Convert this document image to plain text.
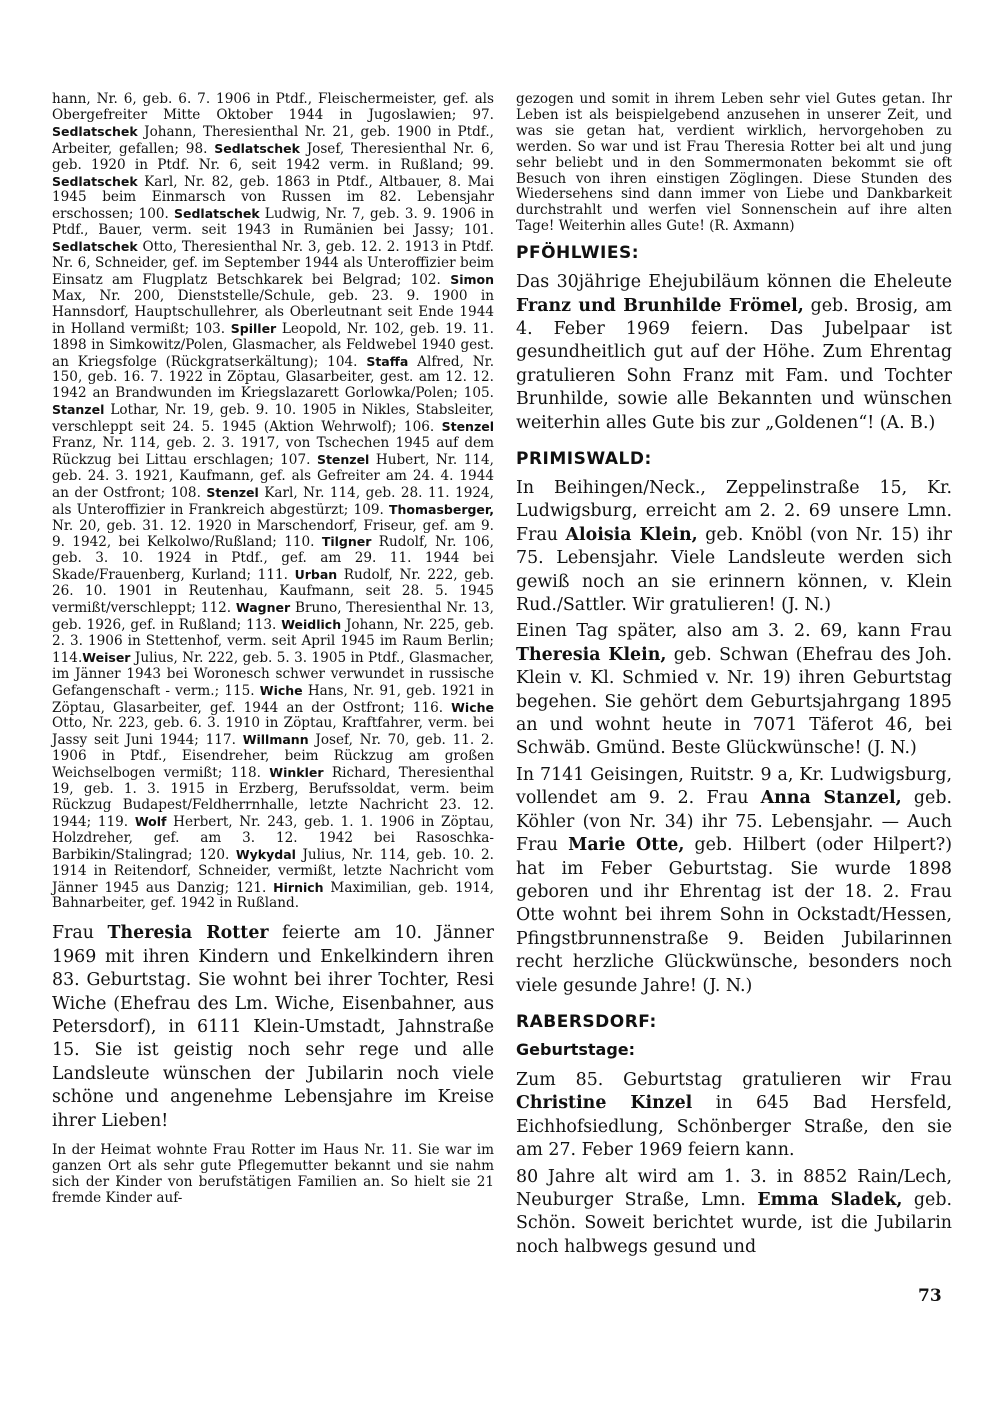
hann, Nr. 6, geb. 6. 7. 1906 in Ptdf., Fleischermeister, gef. als Obergefreiter Mitte Oktober 1944 in Jugoslawien; 97. Sedlatschek Johann, Theresienthal Nr. 21, geb. 1900 in Ptdf., Arbeiter, gefallen; 98. Sedlatschek Josef, Theresienthal Nr. 6, geb. 1920 in Ptdf. Nr. 6, seit 1942 verm. in Rußland; 99. Sedlatschek Karl, Nr. 82, geb. 1863 in Ptdf., Altbauer, 8. Mai 1945 beim Einmarsch von Russen im 82. Lebensjahr erschossen; 100. Sedlatschek Ludwig, Nr. 7, geb. 3. 9. 1906 in Ptdf., Bauer, verm. seit 1943 in Rumänien bei Jassy; 101. Sedlatschek Otto, Theresienthal Nr. 3, geb. 12. 2. 1913 in Ptdf. Nr. 6, Schneider, gef. im September 1944 als Unteroffizier beim Einsatz am Flugplatz Betschkarek bei Belgrad; 102. Simon Max, Nr. 200, Dienststelle/Schule, geb. 23. 9. 1900 in Hannsdorf, Hauptschullehrer, als Oberleutnant seit Ende 1944 in Holland vermißt; 103. Spiller Leopold, Nr. 102, geb. 19. 11. 1898 in Simkowitz/Polen, Glasmacher, als Feldwebel 1940 gest. an Kriegsfolge (Rückgratserkältung); 104. Staffa Alfred, Nr. 150, geb. 16. 7. 1922 in Zöptau, Glasarbeiter, gest. am 12. 12. 1942 an Brandwunden im Kriegslazarett Gorlowka/Polen; 105. Stanzel Lothar, Nr. 19, geb. 9. 10. 1905 in Nikles, Stabsleiter, verschleppt seit 24. 5. 1945 (Aktion Wehrwolf); 106. Stenzel Franz, Nr. 114, geb. 2. 3. 1917, von Tschechen 1945 auf dem Rückzug bei Littau erschlagen; 107. Stenzel Hubert, Nr. 114, geb. 24. 3. 1921, Kaufmann, gef. als Gefreiter am 24. 4. 1944 an der Ostfront; 108. Stenzel Karl, Nr. 114, geb. 28. 11. 1924, als Unteroffizier in Frankreich abgestürzt; 109. Thomasberger, Nr. 20, geb. 31. 12. 1920 in Marschendorf, Friseur, gef. am 9. 9. 1942, bei Kelkolwo/Rußland; 110. Tilgner Rudolf, Nr. 106, geb. 3. 10. 1924 in Ptdf., gef. am 29. 11. 1944 bei Skade/Frauenberg, Kurland; 111. Urban Rudolf, Nr. 222, geb. 26. 10. 1901 in Reutenhau, Kaufmann, seit 28. 5. 1945 vermißt/verschleppt; 112. Wagner Bruno, Theresienthal Nr. 13, geb. 1926, gef. in Rußland; 113. Weidlich Johann, Nr. 225, geb. 2. 3. 1906 in Stettenhof, verm. seit April 1945 im Raum Berlin; 114.Weiser Julius, Nr. 222, geb. 5. 3. 1905 in Ptdf., Glasmacher, im Jänner 1943 bei Woronesch schwer verwundet in russische Gefangenschaft - verm.; 115. Wiche Hans, Nr. 91, geb. 1921 in Zöptau, Glasarbeiter, gef. 1944 an der Ostfront; 116. Wiche Otto, Nr. 223, geb. 6. 3. 1910 in Zöptau, Kraftfahrer, verm. bei Jassy seit Juni 1944; 117. Willmann Josef, Nr. 70, geb. 11. 2. 1906 in Ptdf., Eisendreher, beim Rückzug am großen Weichselbogen vermißt; 118. Winkler Richard, Theresienthal 19, geb. 1. 3. 1915 in Erzberg, Berufssoldat, verm. beim Rückzug Budapest/Feldherrnhalle, letzte Nachricht 23. 12. 1944; 119. Wolf Herbert, Nr. 243, geb. 1. 1. 1906 in Zöptau, Holzdreher, gef. am 3. 12. 1942 bei Rasoschka-Barbikin/Stalingrad; 120. Wykydal Julius, Nr. 114, geb. 10. 2. 1914 in Reitendorf, Schneider, vermißt, letzte Nachricht vom Jänner 1945 aus Danzig; 121. Hirnich Maximilian, geb. 1914, Bahnarbeiter, gef. 1942 in Rußland.

Frau Theresia Rotter feierte am 10. Jänner 1969 mit ihren Kindern und Enkelkindern ihren 83. Geburtstag. Sie wohnt bei ihrer Tochter, Resi Wiche (Ehefrau des Lm. Wiche, Eisenbahner, aus Petersdorf), in 6111 Klein-Umstadt, Jahnstraße 15. Sie ist geistig noch sehr rege und alle Landsleute wünschen der Jubilarin noch viele schöne und angenehme Lebensjahre im Kreise ihrer Lieben!

In der Heimat wohnte Frau Rotter im Haus Nr. 11. Sie war im ganzen Ort als sehr gute Pflegemutter bekannt und sie nahm sich der Kinder von berufstätigen Familien an. So hielt sie 21 fremde Kinder auf-

gezogen und somit in ihrem Leben sehr viel Gutes getan. Ihr Leben ist als beispielgebend anzusehen in unserer Zeit, und was sie getan hat, verdient wirklich, hervorgehoben zu werden. So war und ist Frau Theresia Rotter bei alt und jung sehr beliebt und in den Sommermonaten bekommt sie oft Besuch von ihren einstigen Zöglingen. Diese Stunden des Wiedersehens sind dann immer von Liebe und Dankbarkeit durchstrahlt und werfen viel Sonnenschein auf ihre alten Tage! Weiterhin alles Gute! (R. Axmann)

PFÖHLWIES:

Das 30jährige Ehejubiläum können die Eheleute Franz und Brunhilde Frömel, geb. Brosig, am 4. Feber 1969 feiern. Das Jubelpaar ist gesundheitlich gut auf der Höhe. Zum Ehrentag gratulieren Sohn Franz mit Fam. und Tochter Brunhilde, sowie alle Bekannten und wünschen weiterhin alles Gute bis zur „Goldenen“! (A. B.)

PRIMISWALD:

In Beihingen/Neck., Zeppelinstraße 15, Kr. Ludwigsburg, erreicht am 2. 2. 69 unsere Lmn. Frau Aloisia Klein, geb. Knöbl (von Nr. 15) ihr 75. Lebensjahr. Viele Landsleute werden sich gewiß noch an sie erinnern können, v. Klein Rud./Sattler. Wir gratulieren! (J. N.)

Einen Tag später, also am 3. 2. 69, kann Frau Theresia Klein, geb. Schwan (Ehefrau des Joh. Klein v. Kl. Schmied v. Nr. 19) ihren Geburtstag begehen. Sie gehört dem Geburtsjahrgang 1895 an und wohnt heute in 7071 Täferot 46, bei Schwäb. Gmünd. Beste Glückwünsche! (J. N.)

In 7141 Geisingen, Ruitstr. 9 a, Kr. Ludwigsburg, vollendet am 9. 2. Frau Anna Stanzel, geb. Köhler (von Nr. 34) ihr 75. Lebensjahr. — Auch Frau Marie Otte, geb. Hilbert (oder Hilpert?) hat im Feber Geburtstag. Sie wurde 1898 geboren und ihr Ehrentag ist der 18. 2. Frau Otte wohnt bei ihrem Sohn in Ockstadt/Hessen, Pfingstbrunnenstraße 9. Beiden Jubilarinnen recht herzliche Glückwünsche, besonders noch viele gesunde Jahre! (J. N.)

RABERSDORF:
Geburtstage:

Zum 85. Geburtstag gratulieren wir Frau Christine Kinzel in 645 Bad Hersfeld, Eichhofsiedlung, Schönberger Straße, den sie am 27. Feber 1969 feiern kann.

80 Jahre alt wird am 1. 3. in 8852 Rain/Lech, Neuburger Straße, Lmn. Emma Sladek, geb. Schön. Soweit berichtet wurde, ist die Jubilarin noch halbwegs gesund und

73
